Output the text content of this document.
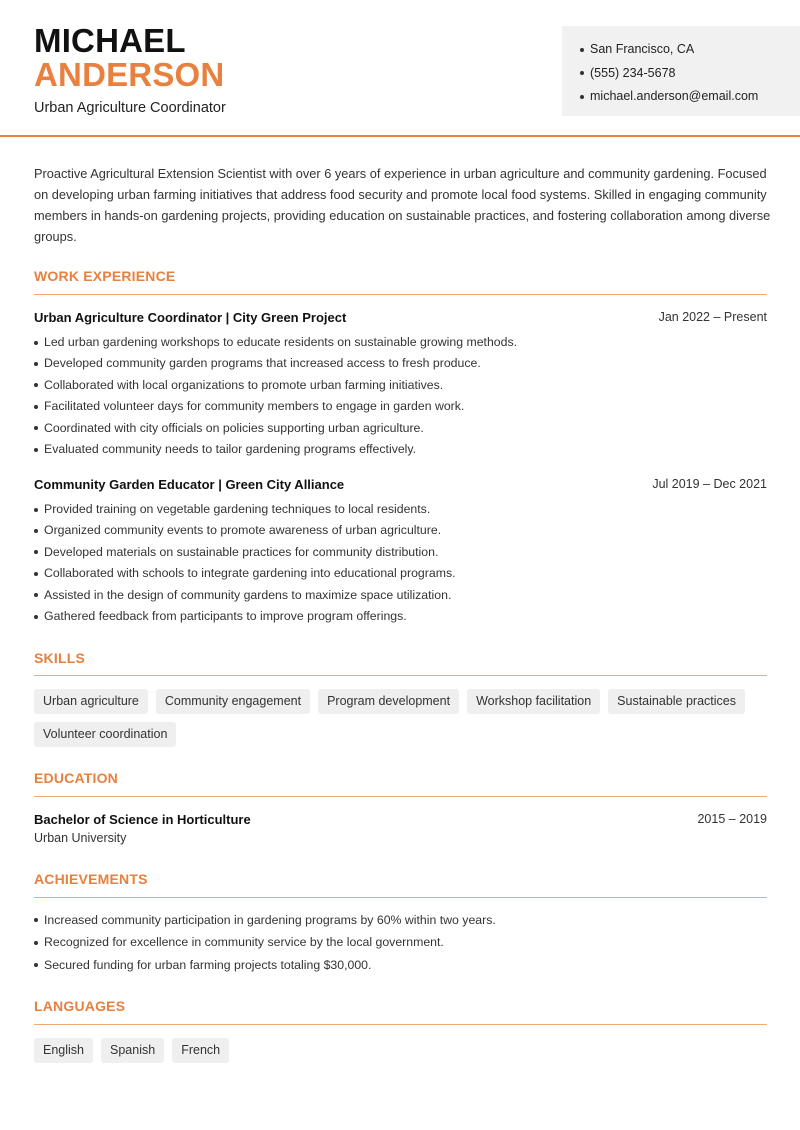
MICHAEL
ANDERSON
Urban Agriculture Coordinator
San Francisco, CA
(555) 234-5678
michael.anderson@email.com

Proactive Agricultural Extension Scientist with over 6 years of experience in urban agriculture and community gardening. Focused on developing urban farming initiatives that address food security and promote local food systems. Skilled in engaging community members in hands-on gardening projects, providing education on sustainable practices, and fostering collaboration among diverse groups.

WORK EXPERIENCE
Urban Agriculture Coordinator | City Green Project	Jan 2022 – Present
Led urban gardening workshops to educate residents on sustainable growing methods.
Developed community garden programs that increased access to fresh produce.
Collaborated with local organizations to promote urban farming initiatives.
Facilitated volunteer days for community members to engage in garden work.
Coordinated with city officials on policies supporting urban agriculture.
Evaluated community needs to tailor gardening programs effectively.
Community Garden Educator | Green City Alliance	Jul 2019 – Dec 2021
Provided training on vegetable gardening techniques to local residents.
Organized community events to promote awareness of urban agriculture.
Developed materials on sustainable practices for community distribution.
Collaborated with schools to integrate gardening into educational programs.
Assisted in the design of community gardens to maximize space utilization.
Gathered feedback from participants to improve program offerings.
SKILLS
Urban agriculture	Community engagement	Program development	Workshop facilitation	Sustainable practices
Volunteer coordination
EDUCATION
Bachelor of Science in Horticulture	2015 – 2019
Urban University
ACHIEVEMENTS
Increased community participation in gardening programs by 60% within two years.
Recognized for excellence in community service by the local government.
Secured funding for urban farming projects totaling $30,000.
LANGUAGES
English	Spanish	French
